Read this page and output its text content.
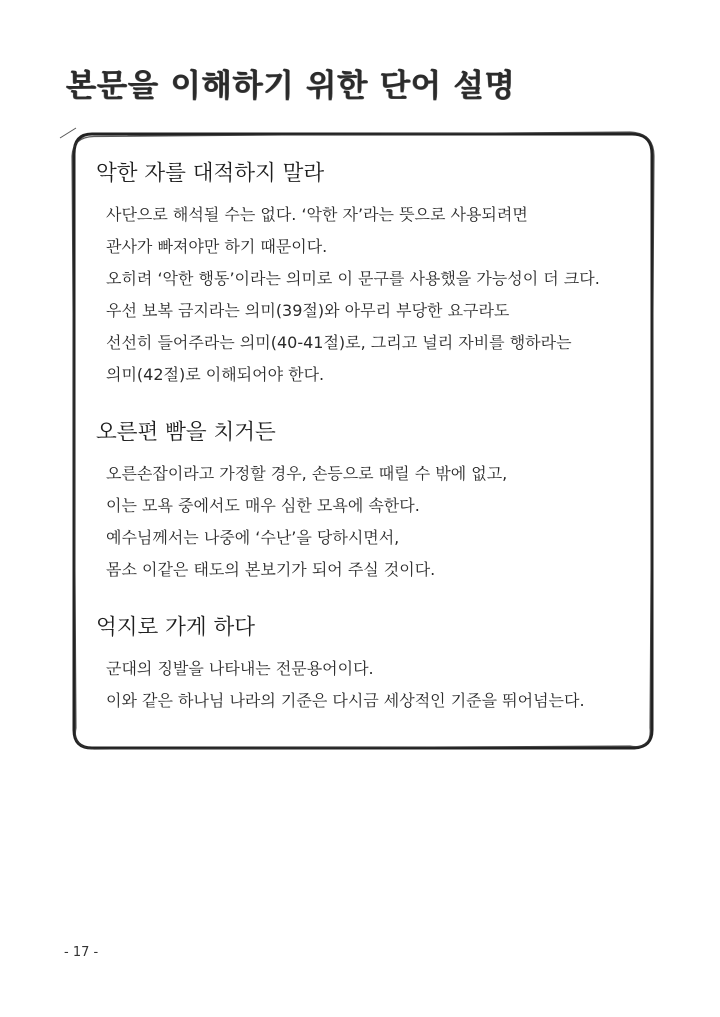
본문을 이해하기 위한 단어 설명
악한 자를 대적하지 말라
사단으로 해석될 수는 없다. ‘악한 자’라는 뜻으로 사용되려면
관사가 빠져야만 하기 때문이다.
오히려 ‘악한 행동’이라는 의미로 이 문구를 사용했을 가능성이 더 크다.
우선 보복 금지라는 의미(39절)와 아무리 부당한 요구라도
선선히 들어주라는 의미(40-41절)로, 그리고 널리 자비를 행하라는
의미(42절)로 이해되어야 한다.
오른편 빰을 치거든
오른손잡이라고 가정할 경우, 손등으로 때릴 수 밖에 없고,
이는 모욕 중에서도 매우 심한 모욕에 속한다.
예수님께서는 나중에 ‘수난’을 당하시면서,
몸소 이같은 태도의 본보기가 되어 주실 것이다.
억지로 가게 하다
군대의 징발을 나타내는 전문용어이다.
이와 같은 하나님 나라의 기준은 다시금 세상적인 기준을 뛰어넘는다.
- 17 -
